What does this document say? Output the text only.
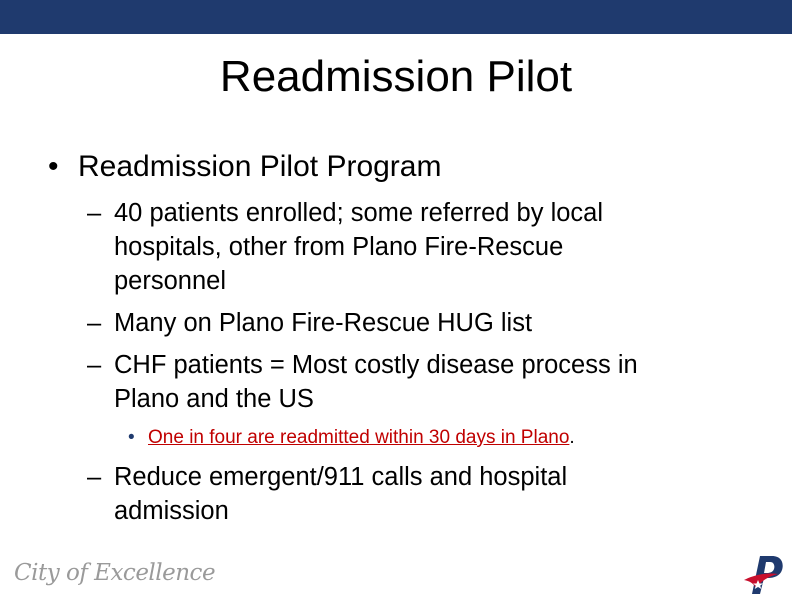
Readmission Pilot
• Readmission Pilot Program
– 40 patients enrolled; some referred by local
hospitals, other from Plano Fire-Rescue
personnel
– Many on Plano Fire-Rescue HUG list
– CHF patients = Most costly disease process in
Plano and the US
• One in four are readmitted within 30 days in Plano.
– Reduce emergent/911 calls and hospital
admission
City of Excellence
